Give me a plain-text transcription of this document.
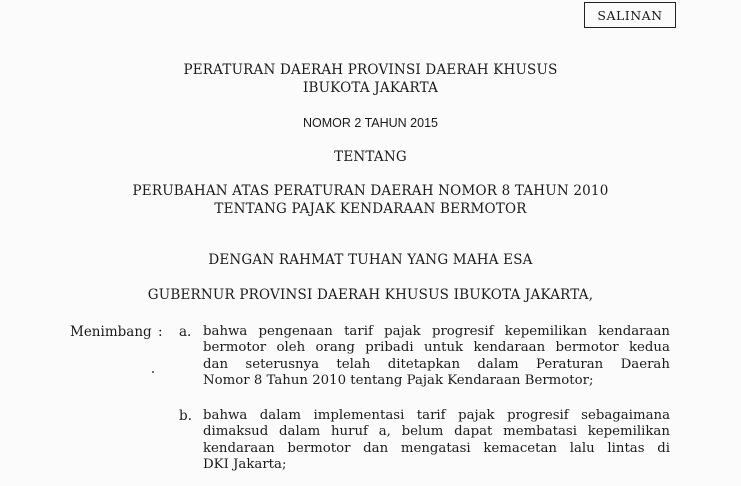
SALINAN
PERATURAN DAERAH PROVINSI DAERAH KHUSUS
IBUKOTA JAKARTA
NOMOR 2 TAHUN 2015
TENTANG
PERUBAHAN ATAS PERATURAN DAERAH NOMOR 8 TAHUN 2010
TENTANG PAJAK KENDARAAN BERMOTOR
DENGAN RAHMAT TUHAN YANG MAHA ESA
GUBERNUR PROVINSI DAERAH KHUSUS IBUKOTA JAKARTA,
Menimbang : a. bahwa pengenaan tarif pajak progresif kepemilikan kendaraan
bermotor oleh orang pribadi untuk kendaraan bermotor kedua
dan seterusnya telah ditetapkan dalam Peraturan Daerah
Nomor 8 Tahun 2010 tentang Pajak Kendaraan Bermotor;
b. bahwa dalam implementasi tarif pajak progresif sebagaimana
dimaksud dalam huruf a, belum dapat membatasi kepemilikan
kendaraan bermotor dan mengatasi kemacetan lalu lintas di
DKI Jakarta;
